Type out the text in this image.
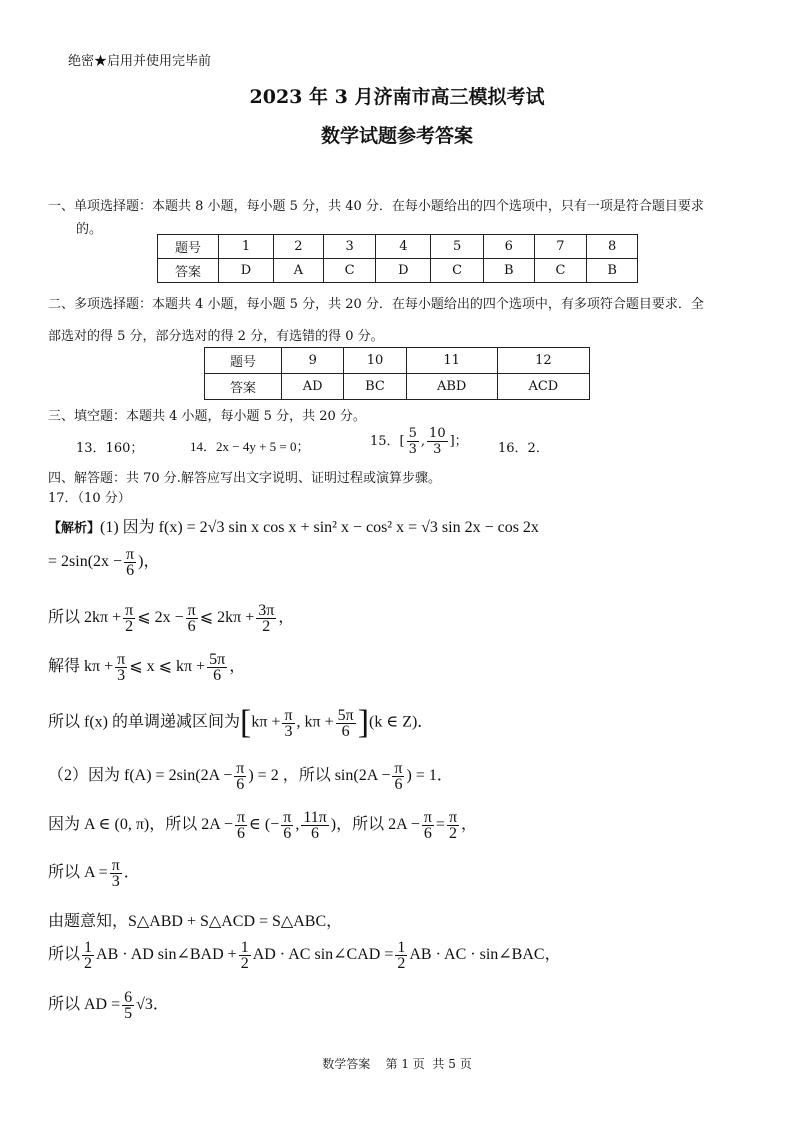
绝密★启用并使用完毕前
2023 年 3 月济南市高三模拟考试
数学试题参考答案
一、单项选择题：本题共 8 小题，每小题 5 分，共 40 分．在每小题给出的四个选项中，只有一项是符合题目要求
的。
题号	1	2	3	4	5	6	7	8
答案	D	A	C	D	C	B	C	B
二、多项选择题：本题共 4 小题，每小题 5 分，共 20 分．在每小题给出的四个选项中，有多项符合题目要求．全
部选对的得 5 分，部分选对的得 2 分，有选错的得 0 分。
题号	9	10	11	12
答案	AD	BC	ABD	ACD
三、填空题：本题共 4 小题，每小题 5 分，共 20 分。
13．160；	14．2x − 4y + 5 = 0；	15．[ $\frac{5}{3}$ , $\frac{10}{3}$ ]； 16．2．
四、解答题：共 70 分.解答应写出文字说明、证明过程或演算步骤。
17．（10 分）
【解析】(1) 因为 f(x) = 2√3 sin x cos x + sin² x − cos² x = √3 sin 2x − cos 2x
= $2\sin(2x - \frac{\pi}{6}$ )，
所以 $2k\pi + \frac{\pi}{2}$ ⩽ $2x - \frac{\pi}{6}$ ⩽ $2k\pi + \frac{3\pi}{2}$ ，
解得 $k\pi + \frac{\pi}{3}$ ⩽ x ⩽ $k\pi + \frac{5\pi}{6}$ ，
所以 f(x) 的单调递减区间为[$k\pi + \frac{\pi}{3}$ , $k\pi + \frac{5\pi}{6} ](k$ ∈ Z)．
（2）因为 $f(A) = 2\sin(2A - \frac{\pi}{6}$ ) = 2 ，所以 $\sin(2A - \frac{\pi}{6}$ ) = 1．
因为 A ∈ (0, π)，所以 $2A - \frac{\pi}{6}$ ∈ (− $\frac{\pi}{6}$ , $\frac{11\pi}{6}$ )，所以 $2A - \frac{\pi}{6} = \frac{\pi}{2}$ ，
所以 $A = \frac{\pi}{3}$ ．
由题意知，S△ABD + S△ACD = S△ABC，
所以 $\frac{1}{2}$ AB · AD sin∠BAD + $\frac{1}{2}$ AD · AC sin∠CAD = $\frac{1}{2}$ AB · AC · sin∠BAC，
所以 AD = $\frac{6}{5} √3$．
数学答案    第 1 页  共 5 页
